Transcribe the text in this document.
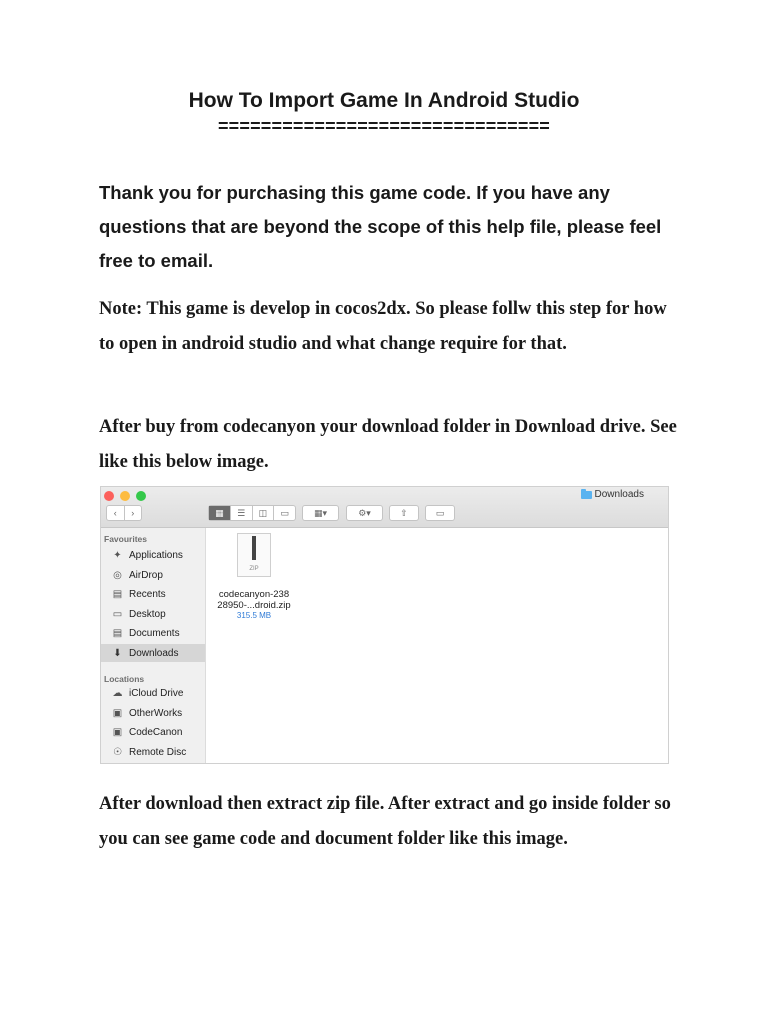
How To Import Game In Android Studio
===============================

Thank you for purchasing this game code. If you have any questions that are beyond the scope of this help file, please feel free to email.

Note: This game is develop in cocos2dx. So please follw this step for how to open in android studio and what change require for that.

After buy from codecanyon your download folder in Download drive. See like this below image.

Downloads
‹	›	▦	☰	◫	▭	▦▾	⚙▾	⇧	▭
Favourites
✦ Applications
◎ AirDrop
▤ Recents
▭ Desktop
▤ Documents
⬇ Downloads
Locations
☁ iCloud Drive
▣ OtherWorks
▣ CodeCanon
☉ Remote Disc
ZIP
codecanyon-238
28950-...droid.zip
315.5 MB

After download then extract zip file. After extract and go inside folder so you can see game code and document folder like this image.
